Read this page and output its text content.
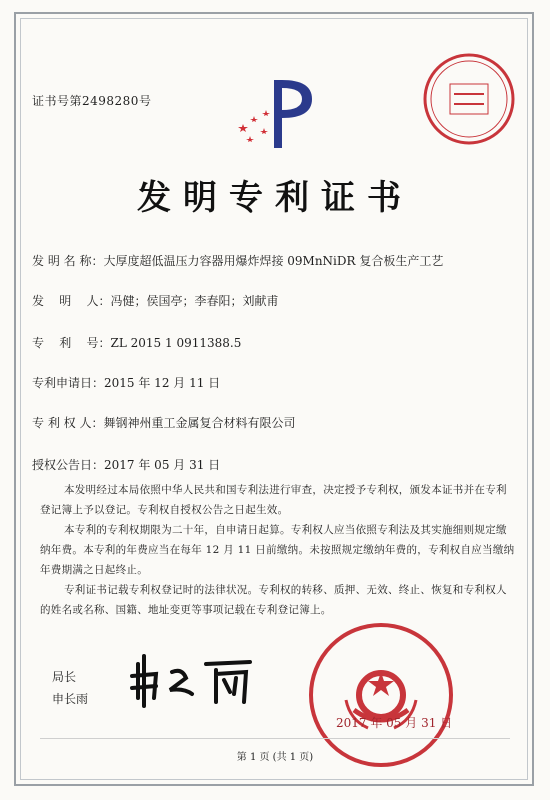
证书号第2498280号
发明专利证书
发 明 名 称：大厚度超低温压力容器用爆炸焊接 09MnNiDR 复合板生产工艺
发    明    人：冯健；侯国亭；李春阳；刘献甫
专    利    号：ZL 2015 1 0911388.5
专利申请日：2015 年 12 月 11 日
专 利 权 人：舞钢神州重工金属复合材料有限公司
授权公告日：2017 年 05 月 31 日
本发明经过本局依照中华人民共和国专利法进行审查，决定授予专利权，颁发本证书并在专利登记簿上予以登记。专利权自授权公告之日起生效。
本专利的专利权期限为二十年，自申请日起算。专利权人应当依照专利法及其实施细则规定缴纳年费。本专利的年费应当在每年 12 月 11 日前缴纳。未按照规定缴纳年费的，专利权自应当缴纳年费期满之日起终止。
专利证书记载专利权登记时的法律状况。专利权的转移、质押、无效、终止、恢复和专利权人的姓名或名称、国籍、地址变更等事项记载在专利登记簿上。
局长
申长雨
2017 年 05 月 31 日
第 1 页 (共 1 页)
